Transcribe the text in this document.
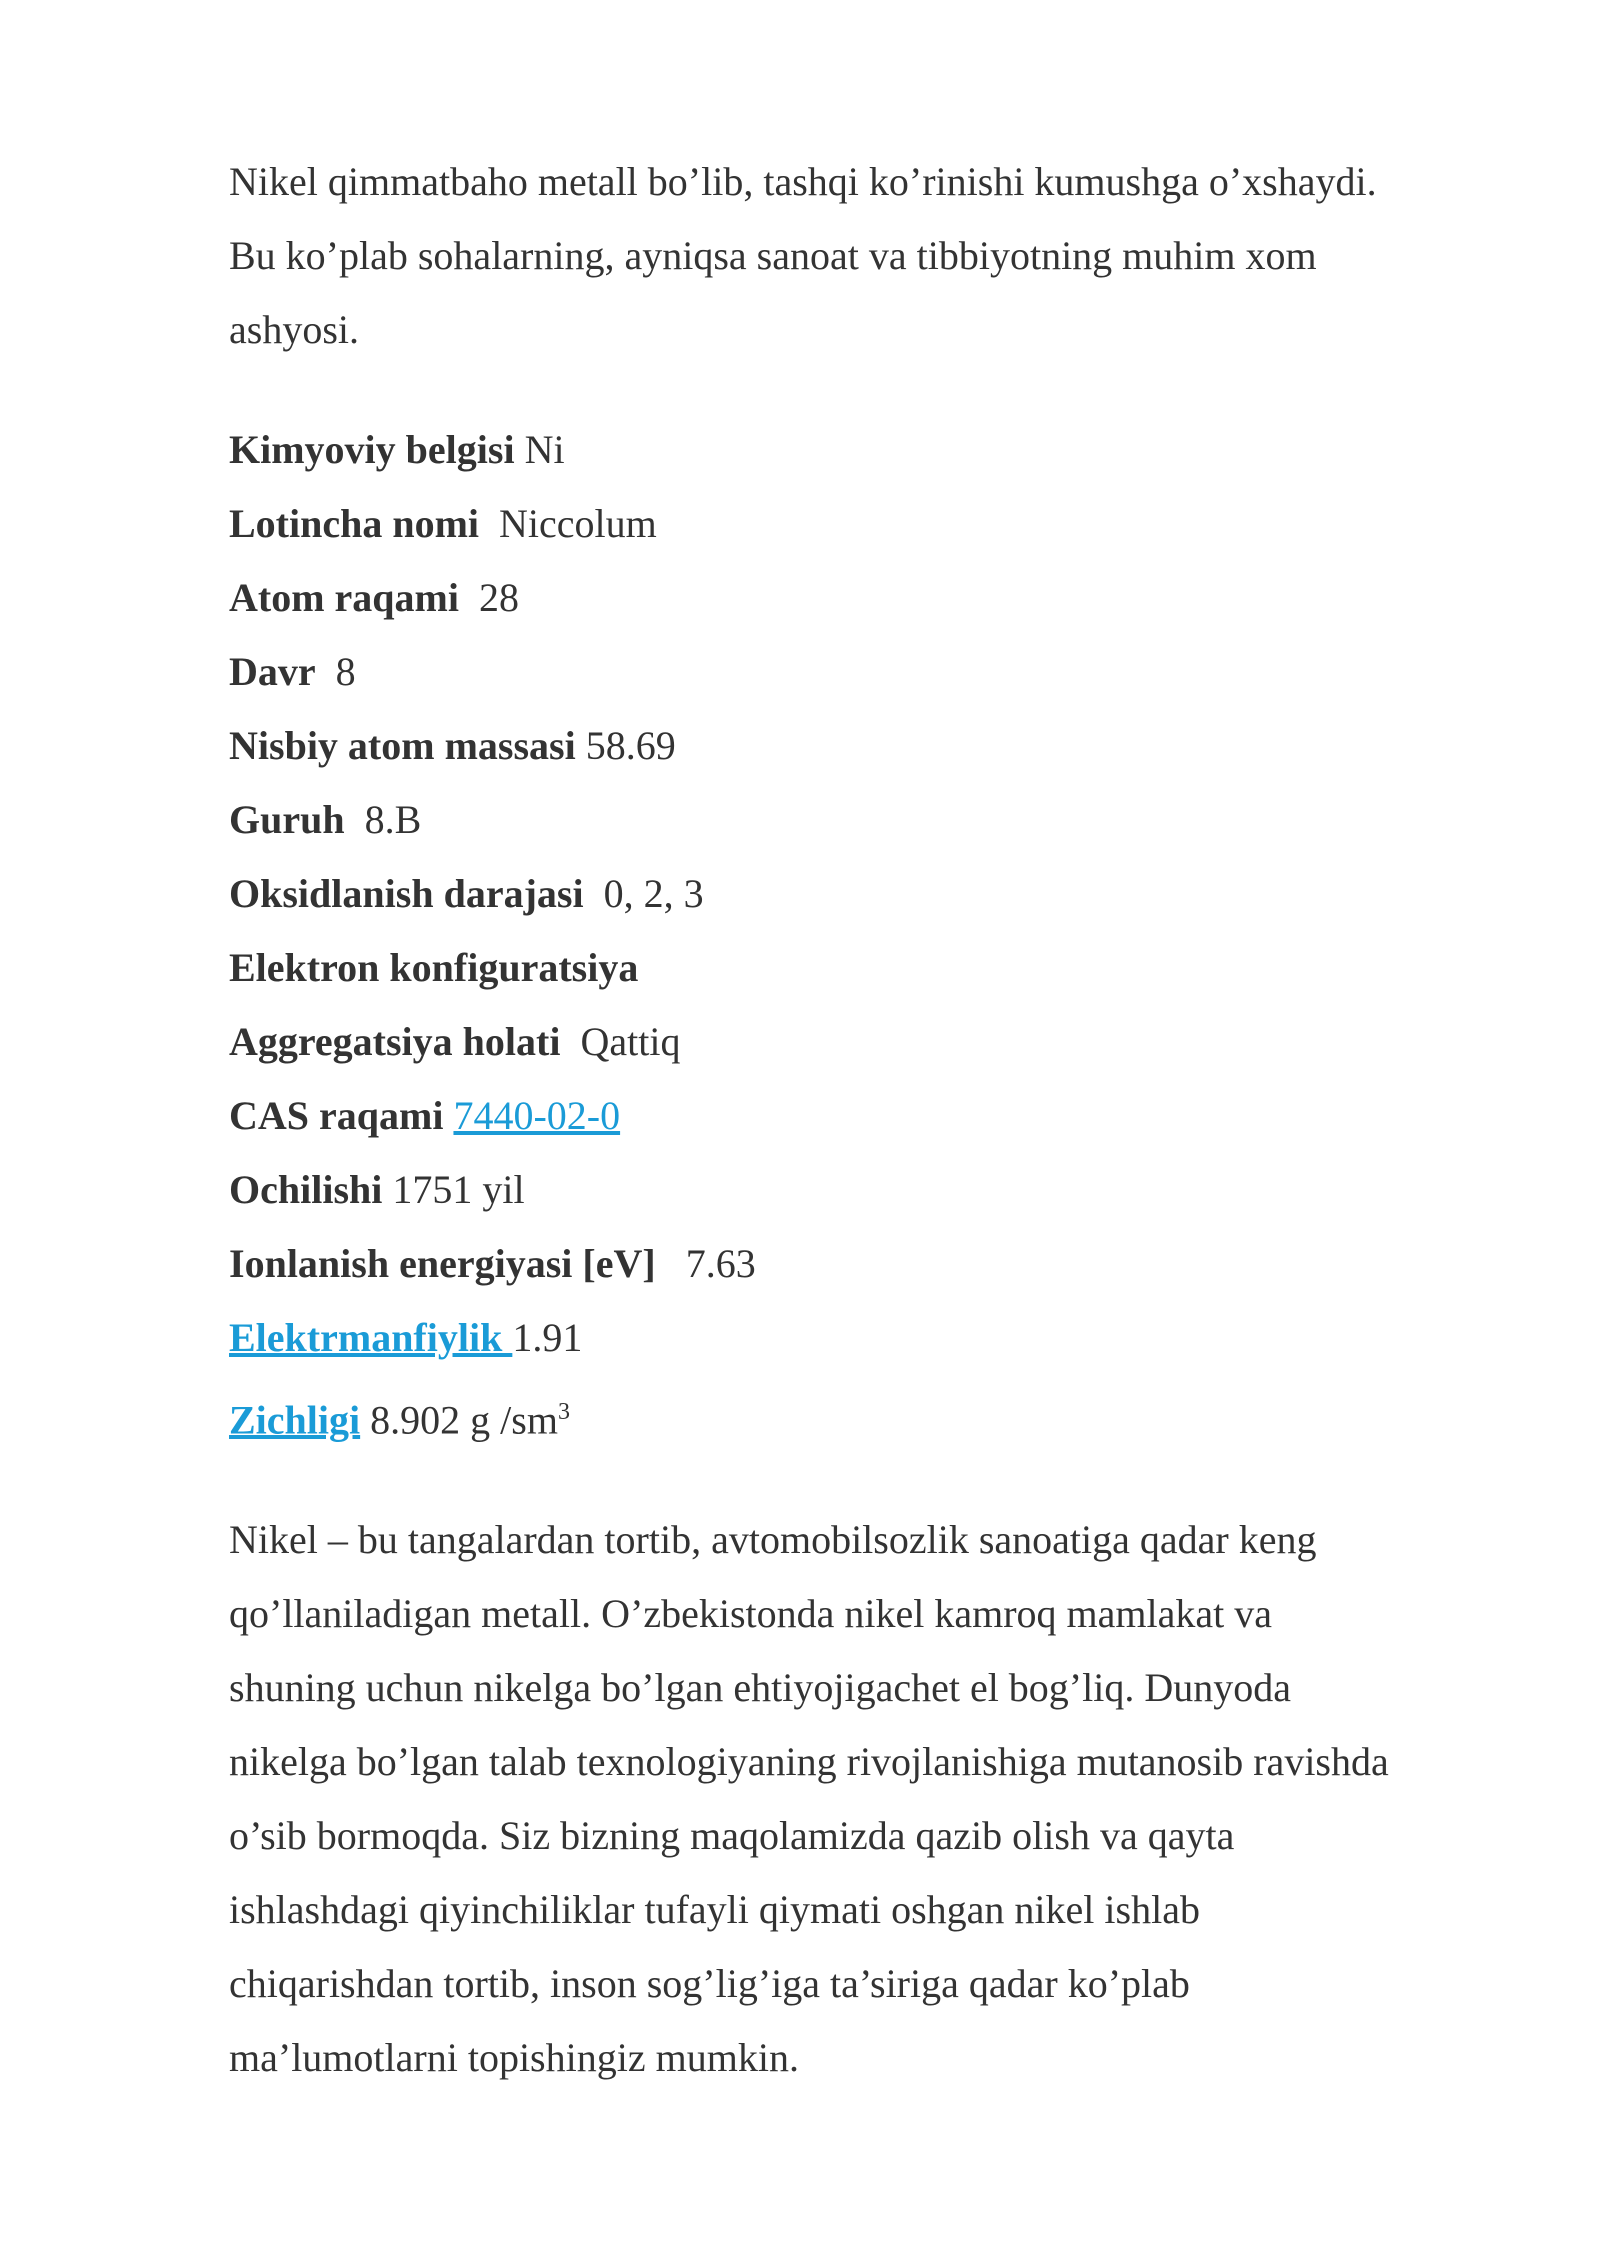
Nikel qimmatbaho metall bo’lib, tashqi ko’rinishi kumushga o’xshaydi.
Bu ko’plab sohalarning, ayniqsa sanoat va tibbiyotning muhim xom
ashyosi.

Kimyoviy belgisi Ni
Lotincha nomi  Niccolum
Atom raqami  28
Davr  8
Nisbiy atom massasi 58.69
Guruh  8.B
Oksidlanish darajasi  0, 2, 3
Elektron konfiguratsiya
Aggregatsiya holati  Qattiq
CAS raqami 7440-02-0
Ochilishi 1751 yil
Ionlanish energiyasi [eV]   7.63
Elektrmanfiylik 1.91
Zichligi 8.902 g $/sm^3$

Nikel – bu tangalardan tortib, avtomobilsozlik sanoatiga qadar keng
qo’llaniladigan metall. O’zbekistonda nikel kamroq mamlakat va
shuning uchun nikelga bo’lgan ehtiyojigachet el bog’liq. Dunyoda
nikelga bo’lgan talab texnologiyaning rivojlanishiga mutanosib ravishda
o’sib bormoqda. Siz bizning maqolamizda qazib olish va qayta
ishlashdagi qiyinchiliklar tufayli qiymati oshgan nikel ishlab
chiqarishdan tortib, inson sog’lig’iga ta’siriga qadar ko’plab
ma’lumotlarni topishingiz mumkin.
